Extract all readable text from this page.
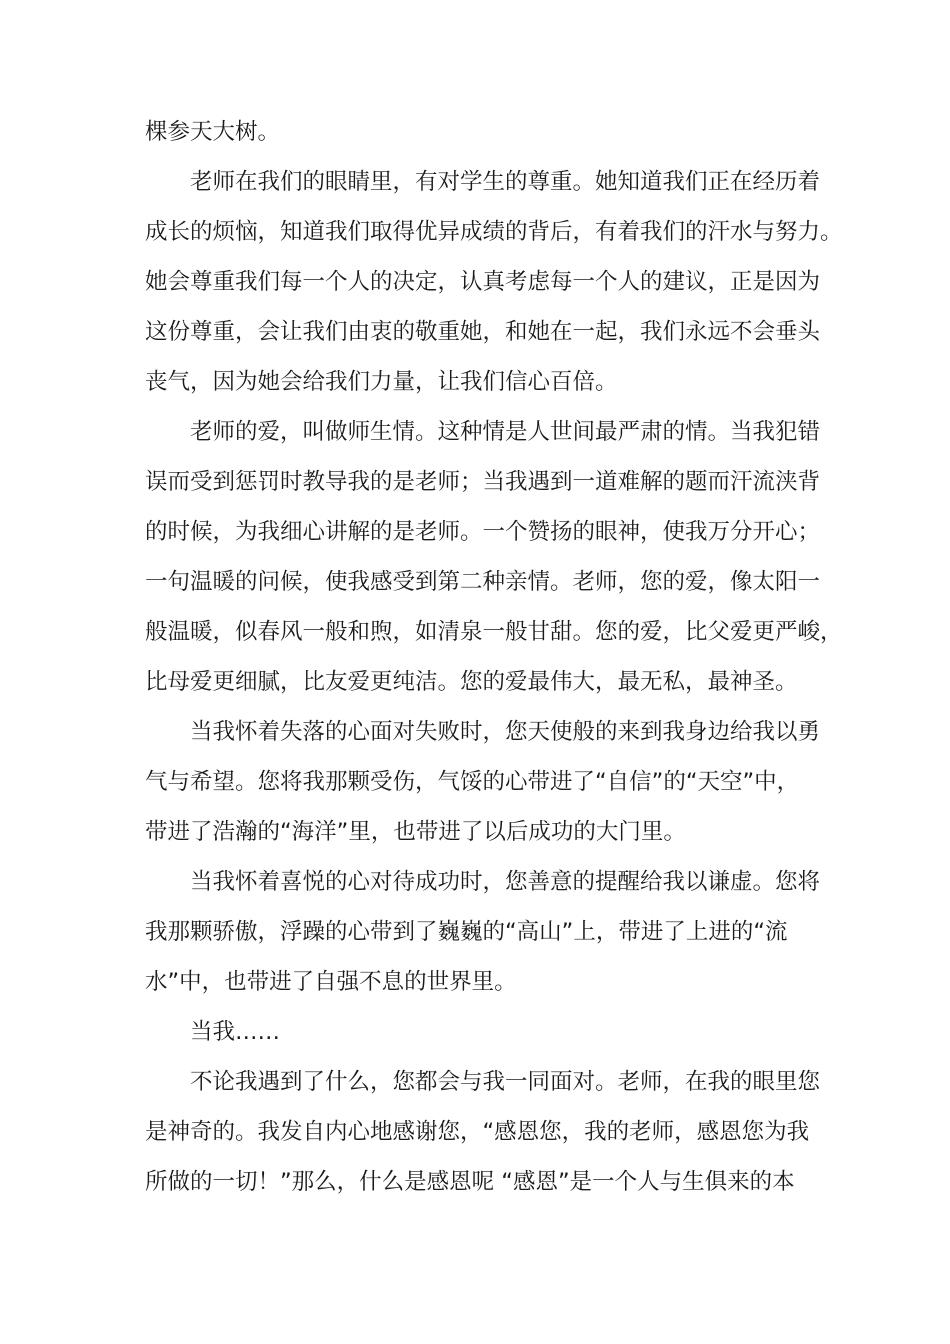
棵参天大树。
老师在我们的眼睛里，有对学生的尊重。她知道我们正在经历着
成长的烦恼，知道我们取得优异成绩的背后，有着我们的汗水与努力。
她会尊重我们每一个人的决定，认真考虑每一个人的建议，正是因为
这份尊重，会让我们由衷的敬重她，和她在一起，我们永远不会垂头
丧气，因为她会给我们力量，让我们信心百倍。
老师的爱，叫做师生情。这种情是人世间最严肃的情。当我犯错
误而受到惩罚时教导我的是老师；当我遇到一道难解的题而汗流浃背
的时候，为我细心讲解的是老师。一个赞扬的眼神，使我万分开心；
一句温暖的问候，使我感受到第二种亲情。老师，您的爱，像太阳一
般温暖，似春风一般和煦，如清泉一般甘甜。您的爱，比父爱更严峻，
比母爱更细腻，比友爱更纯洁。您的爱最伟大，最无私，最神圣。
当我怀着失落的心面对失败时，您天使般的来到我身边给我以勇
气与希望。您将我那颗受伤，气馁的心带进了“自信”的“天空”中，
带进了浩瀚的“海洋”里，也带进了以后成功的大门里。
当我怀着喜悦的心对待成功时，您善意的提醒给我以谦虚。您将
我那颗骄傲，浮躁的心带到了巍巍的“高山”上，带进了上进的“流
水”中，也带进了自强不息的世界里。
当我……
不论我遇到了什么，您都会与我一同面对。老师，在我的眼里您
是神奇的。我发自内心地感谢您，“感恩您，我的老师，感恩您为我
所做的一切！”那么，什么是感恩呢 “感恩”是一个人与生俱来的本
